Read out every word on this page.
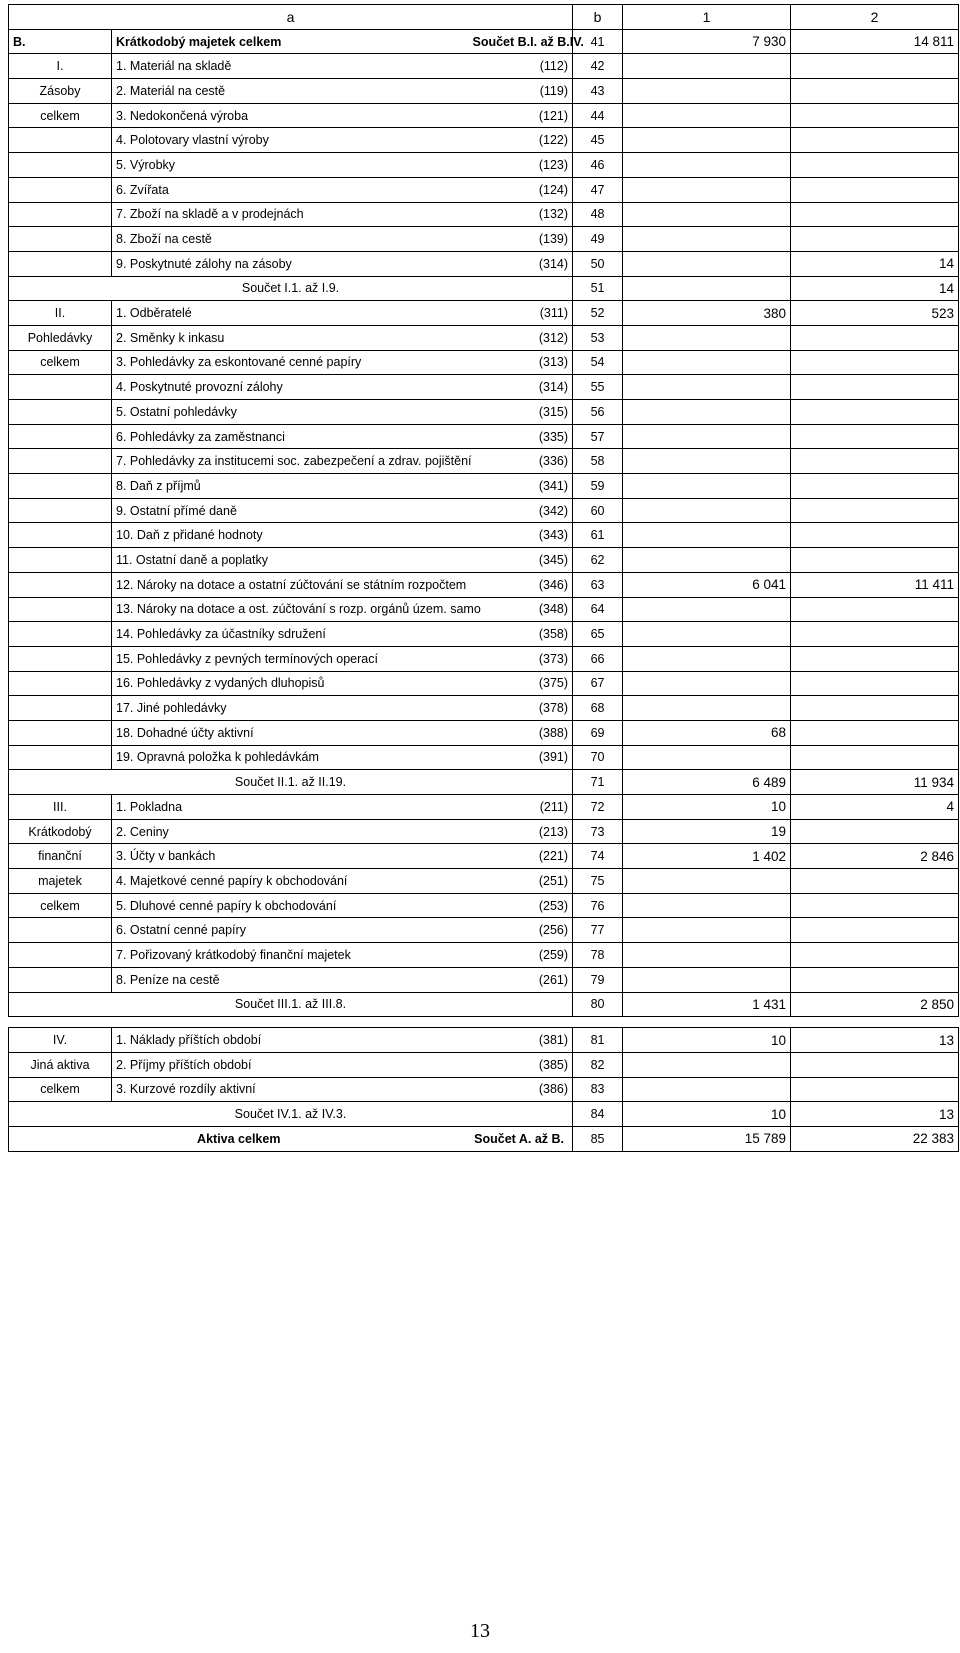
a			b	1	2
B.	Krátkodobý majetek celkem	Součet B.I. až B.IV.	41	7 930	14 811
I.	1. Materiál na skladě	(112)	42		
Zásoby	2. Materiál na cestě	(119)	43		
celkem	3. Nedokončená výroba	(121)	44		
	4. Polotovary vlastní výroby	(122)	45		
	5. Výrobky	(123)	46		
	6. Zvířata	(124)	47		
	7. Zboží na skladě a v prodejnách	(132)	48		
	8. Zboží na cestě	(139)	49		
	9. Poskytnuté zálohy na zásoby	(314)	50		14
Součet I.1. až I.9.			51		14
II.	1. Odběratelé	(311)	52	380	523
Pohledávky	2. Směnky k inkasu	(312)	53		
celkem	3. Pohledávky za eskontované cenné papíry	(313)	54		
	4. Poskytnuté provozní zálohy	(314)	55		
	5. Ostatní pohledávky	(315)	56		
	6. Pohledávky za zaměstnanci	(335)	57		
	7. Pohledávky za institucemi soc. zabezpečení a zdrav. pojištění	(336)	58		
	8. Daň z příjmů	(341)	59		
	9. Ostatní přímé daně	(342)	60		
	10. Daň z přidané hodnoty	(343)	61		
	11. Ostatní daně a poplatky	(345)	62		
	12. Nároky na dotace a ostatní zúčtování se státním rozpočtem	(346)	63	6 041	11 411
	13. Nároky na dotace a ost. zúčtování s rozp. orgánů územ. samo	(348)	64		
	14. Pohledávky za účastníky sdružení	(358)	65		
	15. Pohledávky z pevných termínových operací	(373)	66		
	16. Pohledávky z vydaných dluhopisů	(375)	67		
	17. Jiné pohledávky	(378)	68		
	18. Dohadné účty aktivní	(388)	69	68	
	19. Opravná položka k pohledávkám	(391)	70		
Součet II.1. až II.19.			71	6 489	11 934
III.	1. Pokladna	(211)	72	10	4
Krátkodobý	2. Ceniny	(213)	73	19	
finanční	3. Účty v bankách	(221)	74	1 402	2 846
majetek	4. Majetkové cenné papíry k obchodování	(251)	75		
celkem	5. Dluhové cenné papíry k obchodování	(253)	76		
	6. Ostatní cenné papíry	(256)	77		
	7. Pořizovaný krátkodobý finanční majetek	(259)	78		
	8. Peníze na cestě	(261)	79		
Součet III.1. až III.8.			80	1 431	2 850

IV.	1. Náklady příštích období	(381)	81	10	13
Jiná aktiva	2. Příjmy příštích období	(385)	82		
celkem	3. Kurzové rozdíly aktivní	(386)	83		
Součet IV.1. až IV.3.			84	10	13
Aktiva celkem		Součet A. až B.	85	15 789	22 383
13
